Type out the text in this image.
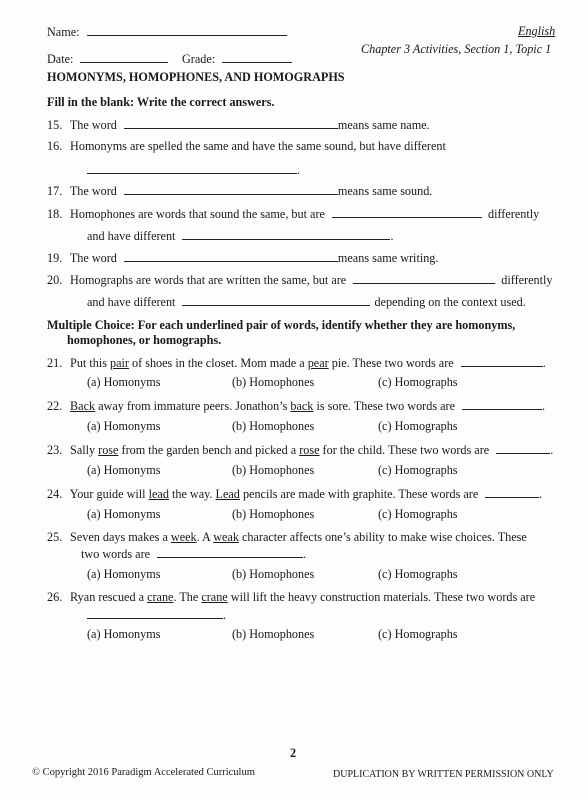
Name:	English
Date:	Grade:
Chapter 3 Activities, Section 1, Topic 1
HOMONYMS, HOMOPHONES, AND HOMOGRAPHS
Fill in the blank: Write the correct answers.
15. The word	means same name.
16. Homonyms are spelled the same and have the same sound, but have different
.
17. The word	means same sound.
18. Homophones are words that sound the same, but are	differently
and have different	.
19. The word	means same writing.
20. Homographs are words that are written the same, but are	differently
and have different	depending on the context used.
Multiple Choice: For each underlined pair of words, identify whether they are homonyms,
homophones, or homographs.
21. Put this pair of shoes in the closet. Mom made a pear pie. These two words are	.
(a) Homonyms	(b) Homophones	(c) Homographs
22. Back away from immature peers. Jonathon’s back is sore. These two words are	.
(a) Homonyms	(b) Homophones	(c) Homographs
23. Sally rose from the garden bench and picked a rose for the child. These two words are	.
(a) Homonyms	(b) Homophones	(c) Homographs
24. Your guide will lead the way. Lead pencils are made with graphite. These words are	.
(a) Homonyms	(b) Homophones	(c) Homographs
25. Seven days makes a week. A weak character affects one’s ability to make wise choices. These
two words are	.
(a) Homonyms	(b) Homophones	(c) Homographs
26. Ryan rescued a crane. The crane will lift the heavy construction materials. These two words are
.
(a) Homonyms	(b) Homophones	(c) Homographs
2
© Copyright 2016 Paradigm Accelerated Curriculum	DUPLICATION BY WRITTEN PERMISSION ONLY
